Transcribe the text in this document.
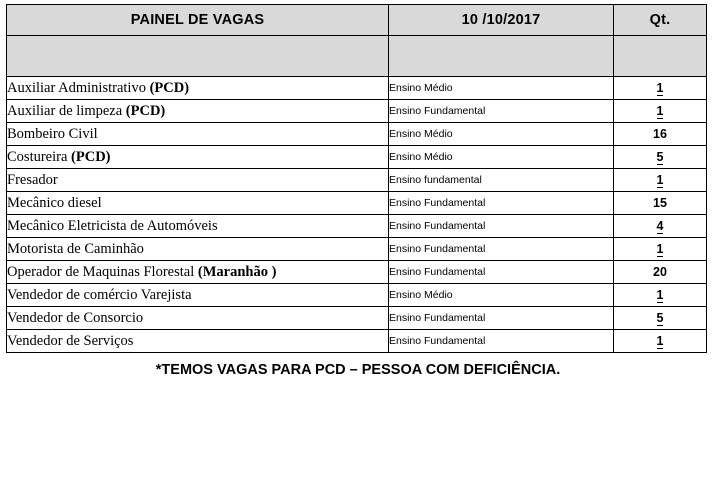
PAINEL DE VAGAS	10 /10/2017	Qt.

Auxiliar Administrativo (PCD)	Ensino Médio	1
Auxiliar de limpeza (PCD)	Ensino Fundamental	1
Bombeiro Civil	Ensino Médio	16
Costureira (PCD)	Ensino Médio	5
Fresador	Ensino fundamental	1
Mecânico diesel	Ensino Fundamental	15
Mecânico Eletricista de Automóveis	Ensino Fundamental	4
Motorista de Caminhão	Ensino Fundamental	1
Operador de Maquinas Florestal (Maranhão )	Ensino Fundamental	20
Vendedor de comércio Varejista	Ensino Médio	1
Vendedor de Consorcio	Ensino Fundamental	5
Vendedor de Serviços	Ensino Fundamental	1
*TEMOS VAGAS PARA PCD – PESSOA COM DEFICIÊNCIA.
